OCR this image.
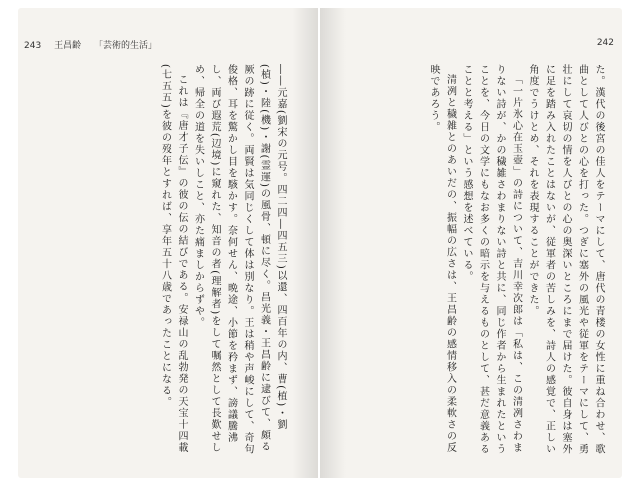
243 王昌齢 「芸術的生活」

――元嘉(劉宋の元号。四二四―四五三)以還、四百年の内、曹(植)・劉(楨)・陸(機)・謝(霊運)の風骨、頓に尽く。昌光義・王昌齢に逮びて、頗る厥の跡に従く。両賢は気同じくして体は別なり。王は稍や声峻にして、奇句俊格、耳を驚かし目を駭かす。奈何せん、晩途、小節を矜まず、謗議騰沸し、両び遐荒(辺境)に窺れた、知音の者(理解者)をして嘱然として長歎せしめ、帰全の道を失いしこと、亦た痛ましからずや。

これは『唐才子伝』の彼の伝の結びである。安禄山の乱勃発の天宝十四載(七五五)を彼の歿年とすれば、享年五十八歳であったことになる。

242

た。漢代の後宮の佳人をテーマにして、唐代の青楼の女性に重ね合わせ、歌曲として人びとの心を打った。つぎに塞外の風光や従軍をテーマにして、勇壮にして哀切の情を人びとの心の奥深いところにまで届けた。彼自身は塞外に足を踏み入れたことはないが、従軍者の苦しみを、詩人の感覚で、正しい角度でうけとめ、それを表現することができた。

「一片氷心在玉壺」の詩について、吉川幸次郎は「私は、この清冽さわまりない詩が、かの穢雑さわまりない詩と共に、同じ作者から生まれたということを、今日の文学にもなお多くの暗示を与えるものとして、甚だ意義あることと考える」という感想を述べている。

清冽と穢雑とのあいだの、振幅の広さは、王昌齢の感情移入の柔軟さの反映であろう。
